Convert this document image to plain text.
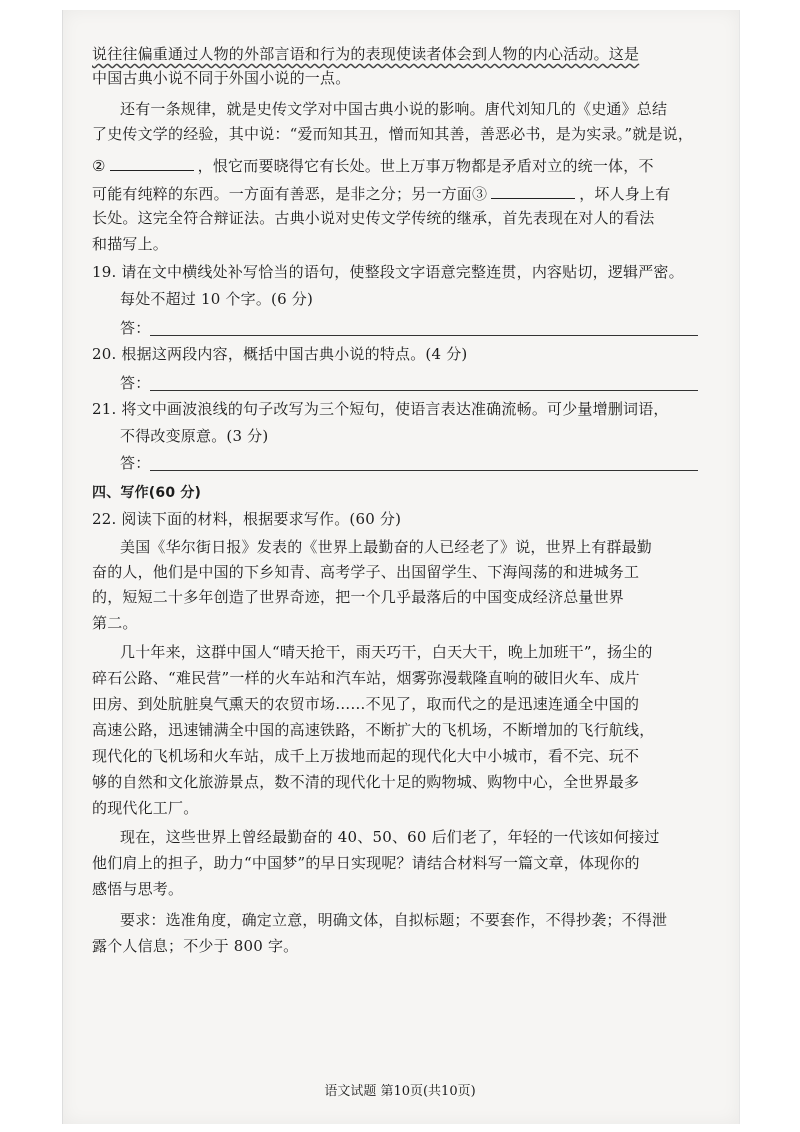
说往往偏重通过人物的外部言语和行为的表现使读者体会到人物的内心活动。这是
中国古典小说不同于外国小说的一点。
还有一条规律，就是史传文学对中国古典小说的影响。唐代刘知几的《史通》总结
了史传文学的经验，其中说：“爱而知其丑，憎而知其善，善恶必书，是为实录。”就是说，
②	，恨它而要晓得它有长处。世上万事万物都是矛盾对立的统一体，不
可能有纯粹的东西。一方面有善恶，是非之分；另一方面③	，坏人身上有
长处。这完全符合辩证法。古典小说对史传文学传统的继承，首先表现在对人的看法
和描写上。
19. 请在文中横线处补写恰当的语句，使整段文字语意完整连贯，内容贴切，逻辑严密。
每处不超过 10 个字。(6 分)
答：
20. 根据这两段内容，概括中国古典小说的特点。(4 分)
答：
21. 将文中画波浪线的句子改写为三个短句，使语言表达准确流畅。可少量增删词语，
不得改变原意。(3 分)
答：
四、写作(60 分)
22. 阅读下面的材料，根据要求写作。(60 分)
美国《华尔街日报》发表的《世界上最勤奋的人已经老了》说，世界上有群最勤
奋的人，他们是中国的下乡知青、高考学子、出国留学生、下海闯荡的和进城务工
的，短短二十多年创造了世界奇迹，把一个几乎最落后的中国变成经济总量世界
第二。
几十年来，这群中国人“晴天抢干，雨天巧干，白天大干，晚上加班干”，扬尘的
碎石公路、“难民营”一样的火车站和汽车站，烟雾弥漫载隆直响的破旧火车、成片
田房、到处肮脏臭气熏天的农贸市场……不见了，取而代之的是迅速连通全中国的
高速公路，迅速铺满全中国的高速铁路，不断扩大的飞机场，不断增加的飞行航线，
现代化的飞机场和火车站，成千上万拔地而起的现代化大中小城市，看不完、玩不
够的自然和文化旅游景点，数不清的现代化十足的购物城、购物中心，全世界最多
的现代化工厂。
现在，这些世界上曾经最勤奋的 40、50、60 后们老了，年轻的一代该如何接过
他们肩上的担子，助力“中国梦”的早日实现呢？请结合材料写一篇文章，体现你的
感悟与思考。
要求：选准角度，确定立意，明确文体，自拟标题；不要套作，不得抄袭；不得泄
露个人信息；不少于 800 字。
语文试题 第10页(共10页)
